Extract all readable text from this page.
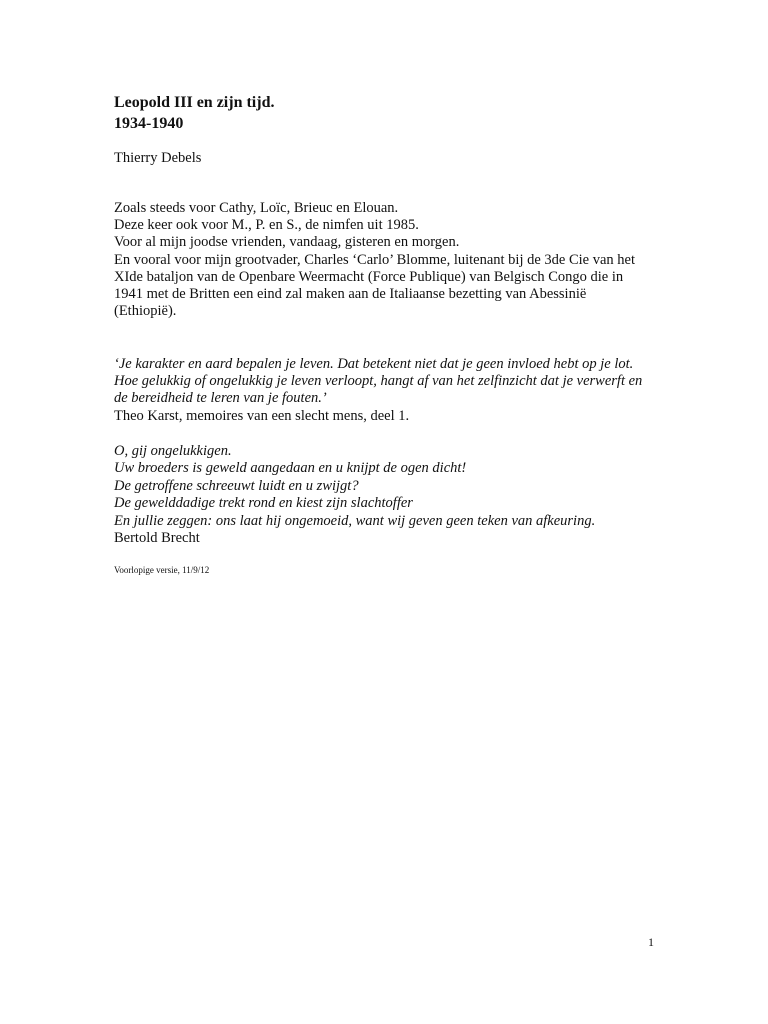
Leopold III en zijn tijd.
1934-1940
Thierry Debels

Zoals steeds voor Cathy, Loïc, Brieuc en Elouan.

Deze keer ook voor M., P. en S., de nimfen uit 1985.

Voor al mijn joodse vrienden, vandaag, gisteren en morgen.

En vooral voor mijn grootvader, Charles ‘Carlo’ Blomme, luitenant bij de 3de Cie van het

XIde bataljon van de Openbare Weermacht (Force Publique) van Belgisch Congo die in

1941 met de Britten een eind zal maken aan de Italiaanse bezetting van Abessinië

(Ethiopië).

‘Je karakter en aard bepalen je leven. Dat betekent niet dat je geen invloed hebt op je lot.

Hoe gelukkig of ongelukkig je leven verloopt, hangt af van het zelfinzicht dat je verwerft en

de bereidheid te leren van je fouten.’

Theo Karst, memoires van een slecht mens, deel 1.

O, gij ongelukkigen.

Uw broeders is geweld aangedaan en u knijpt de ogen dicht!

De getroffene schreeuwt luidt en u zwijgt?

De gewelddadige trekt rond en kiest zijn slachtoffer

En jullie zeggen: ons laat hij ongemoeid, want wij geven geen teken van afkeuring.

Bertold Brecht

Voorlopige versie, 11/9/12
1
